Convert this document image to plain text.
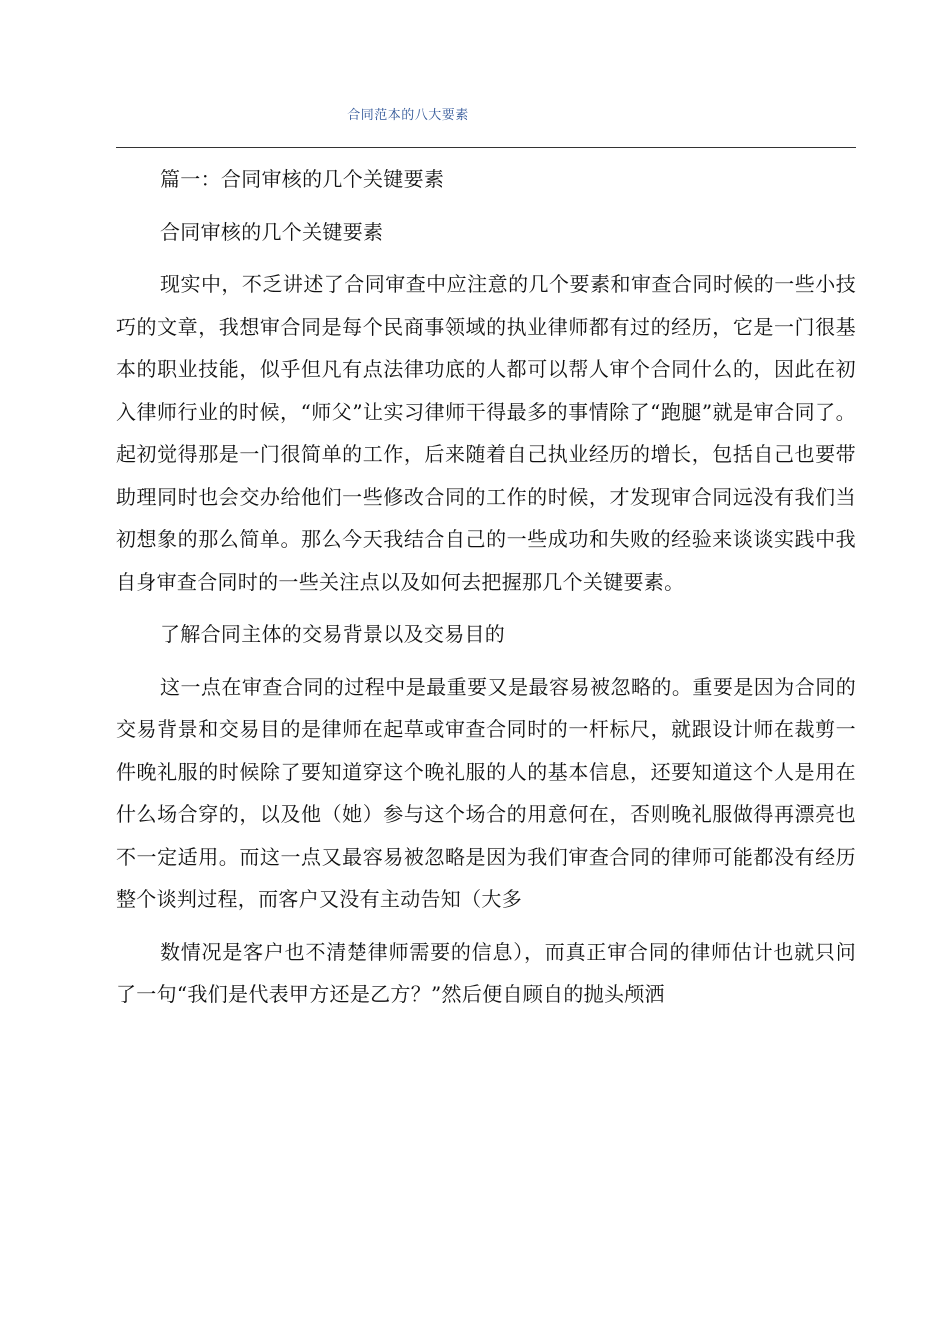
合同范本的八大要素

篇一：合同审核的几个关键要素

合同审核的几个关键要素

现实中，不乏讲述了合同审查中应注意的几个要素和审查合同时候的一些小技巧的文章，我想审合同是每个民商事领域的执业律师都有过的经历，它是一门很基本的职业技能，似乎但凡有点法律功底的人都可以帮人审个合同什么的，因此在初入律师行业的时候，“师父”让实习律师干得最多的事情除了“跑腿”就是审合同了。起初觉得那是一门很简单的工作，后来随着自己执业经历的增长，包括自己也要带助理同时也会交办给他们一些修改合同的工作的时候，才发现审合同远没有我们当初想象的那么简单。那么今天我结合自己的一些成功和失败的经验来谈谈实践中我自身审查合同时的一些关注点以及如何去把握那几个关键要素。

了解合同主体的交易背景以及交易目的

这一点在审查合同的过程中是最重要又是最容易被忽略的。重要是因为合同的交易背景和交易目的是律师在起草或审查合同时的一杆标尺，就跟设计师在裁剪一件晚礼服的时候除了要知道穿这个晚礼服的人的基本信息，还要知道这个人是用在什么场合穿的，以及他（她）参与这个场合的用意何在，否则晚礼服做得再漂亮也不一定适用。而这一点又最容易被忽略是因为我们审查合同的律师可能都没有经历整个谈判过程，而客户又没有主动告知（大多

数情况是客户也不清楚律师需要的信息），而真正审合同的律师估计也就只问了一句“我们是代表甲方还是乙方？”然后便自顾自的抛头颅洒
